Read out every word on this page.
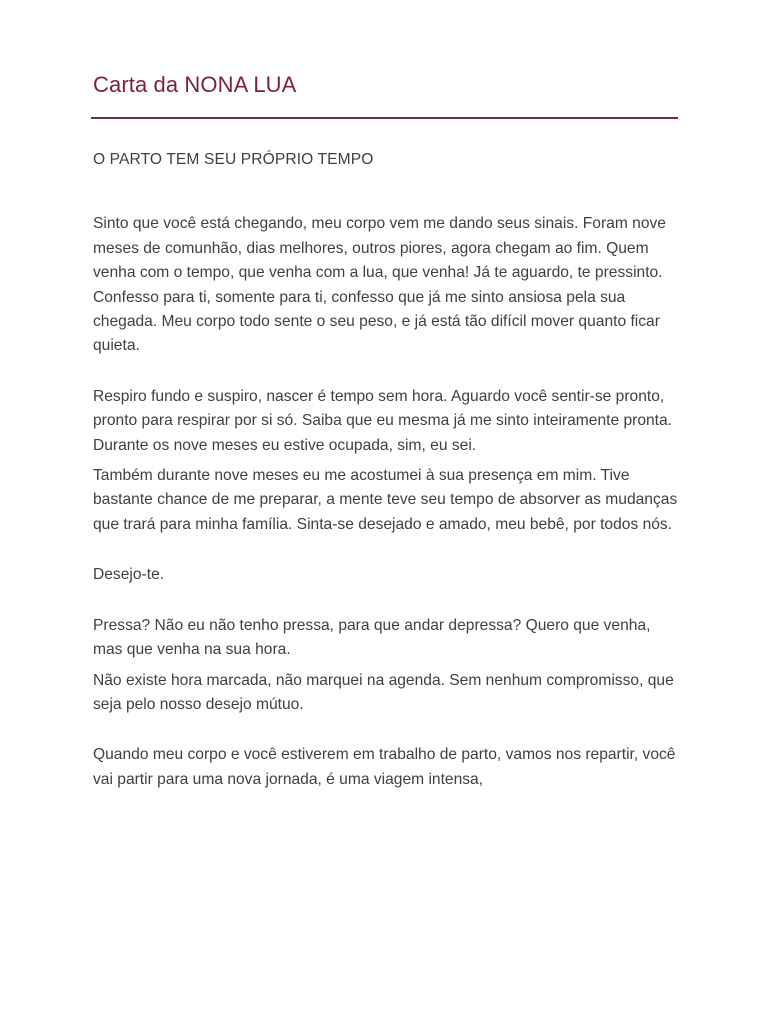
Carta da NONA LUA
O PARTO TEM SEU PRÓPRIO TEMPO

Sinto que você está chegando, meu corpo vem me dando seus sinais. Foram nove meses de comunhão, dias melhores, outros piores, agora chegam ao fim. Quem venha com o tempo, que venha com a lua, que venha! Já te aguardo, te pressinto. Confesso para ti, somente para ti, confesso que já me sinto ansiosa pela sua chegada. Meu corpo todo sente o seu peso, e já está tão difícil mover quanto ficar quieta.

Respiro fundo e suspiro, nascer é tempo sem hora. Aguardo você sentir-se pronto, pronto para respirar por si só. Saiba que eu mesma já me sinto inteiramente pronta. Durante os nove meses eu estive ocupada, sim, eu sei.

Também durante nove meses eu me acostumei à sua presença em mim. Tive bastante chance de me preparar, a mente teve seu tempo de absorver as mudanças que trará para minha família. Sinta-se desejado e amado, meu bebê, por todos nós.

Desejo-te.

Pressa? Não eu não tenho pressa, para que andar depressa? Quero que venha, mas que venha na sua hora.

Não existe hora marcada, não marquei na agenda. Sem nenhum compromisso, que seja pelo nosso desejo mútuo.

Quando meu corpo e você estiverem em trabalho de parto, vamos nos repartir, você vai partir para uma nova jornada, é uma viagem intensa,
